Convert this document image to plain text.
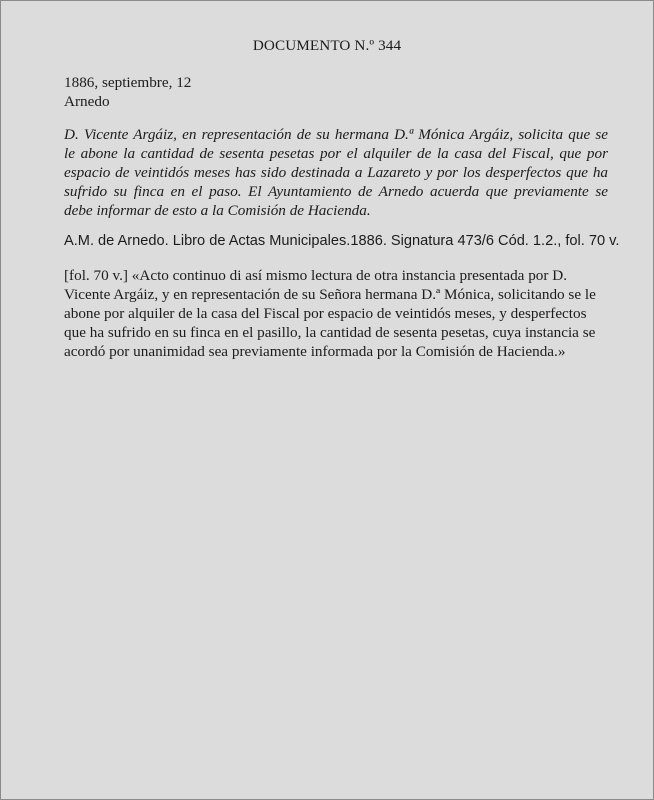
DOCUMENTO N.º 344
1886, septiembre, 12
Arnedo
D. Vicente Argáiz, en representación de su hermana D.ª Mónica Argáiz, solicita que se
le abone la cantidad de sesenta pesetas por el alquiler de la casa del Fiscal, que por
espacio de veintidós meses has sido destinada a Lazareto y por los desperfectos que ha
sufrido su finca en el paso. El Ayuntamiento de Arnedo acuerda que previamente se
debe informar de esto a la Comisión de Hacienda.
A.M. de Arnedo. Libro de Actas Municipales.1886. Signatura 473/6 Cód. 1.2., fol. 70 v.
[fol. 70 v.] «Acto continuo di así mismo lectura de otra instancia presentada por D.
Vicente Argáiz, y en representación de su Señora hermana D.ª Mónica, solicitando se le
abone por alquiler de la casa del Fiscal por espacio de veintidós meses, y desperfectos
que ha sufrido en su finca en el pasillo, la cantidad de sesenta pesetas, cuya instancia se
acordó por unanimidad sea previamente informada por la Comisión de Hacienda.»
